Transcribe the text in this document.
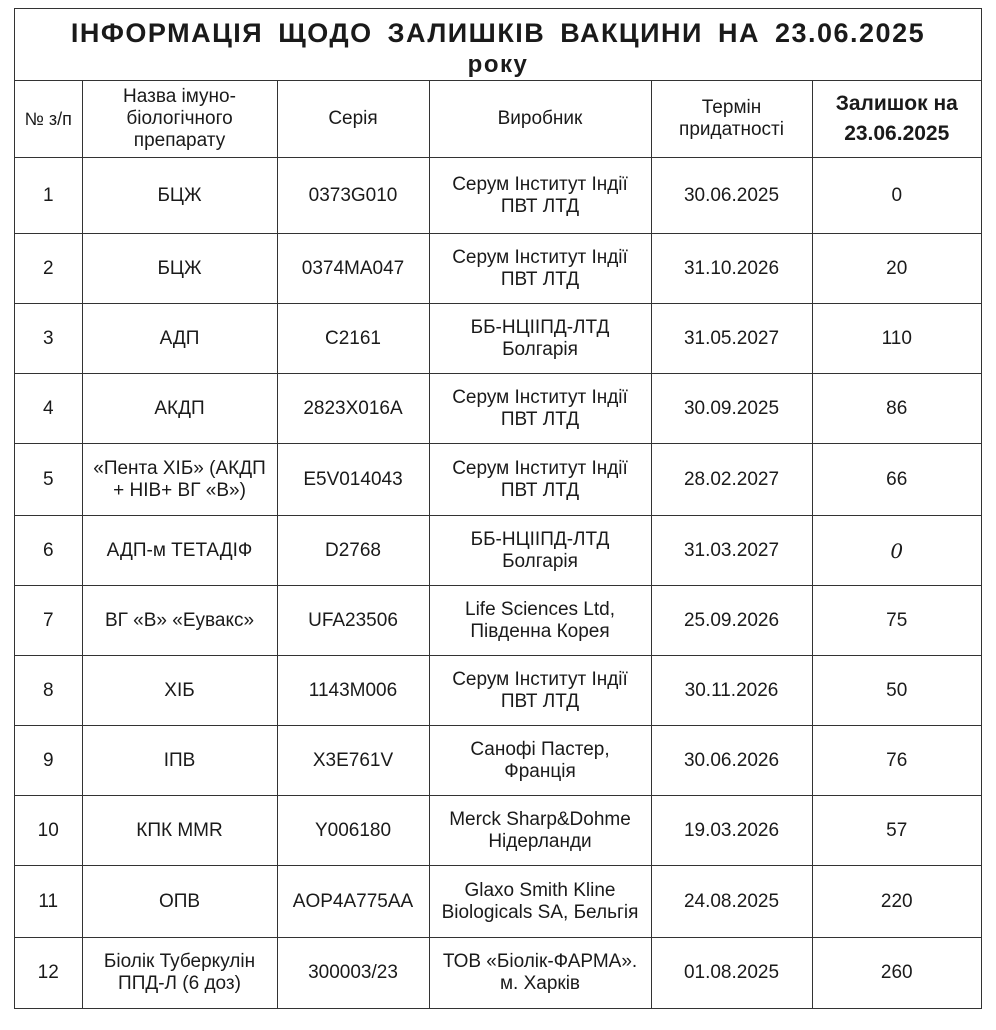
ІНФОРМАЦІЯ ЩОДО ЗАЛИШКІВ ВАКЦИНИ НА 23.06.2025
року
№ з/п	Назва імуно-біологічного препарату	Серія	Виробник	Термін придатності	Залишок на 23.06.2025
1	БЦЖ	0373G010	Серум Інститут Індії ПВТ ЛТД	30.06.2025	0
2	БЦЖ	0374MA047	Серум Інститут Індії ПВТ ЛТД	31.10.2026	20
3	АДП	C2161	ББ-НЦІІПД-ЛТД Болгарія	31.05.2027	110
4	АКДП	2823X016A	Серум Інститут Індії ПВТ ЛТД	30.09.2025	86
5	«Пента ХІБ» (АКДП + HIB+ ВГ «В»)	E5V014043	Серум Інститут Індії ПВТ ЛТД	28.02.2027	66
6	АДП-м ТЕТАДІФ	D2768	ББ-НЦІІПД-ЛТД Болгарія	31.03.2027	0
7	ВГ «В» «Еувакс»	UFA23506	Life Sciences Ltd, Південна Корея	25.09.2026	75
8	ХІБ	1143M006	Серум Інститут Індії ПВТ ЛТД	30.11.2026	50
9	ІПВ	X3E761V	Санофі Пастер, Франція	30.06.2026	76
10	КПК MMR	Y006180	Merck Sharp&Dohme Нідерланди	19.03.2026	57
11	ОПВ	AOP4A775AA	Glaxo Smith Kline Biologicals SA, Бельгія	24.08.2025	220
12	Біолік Туберкулін ППД-Л (6 доз)	300003/23	ТОВ «Біолік-ФАРМА». м. Харків	01.08.2025	260
